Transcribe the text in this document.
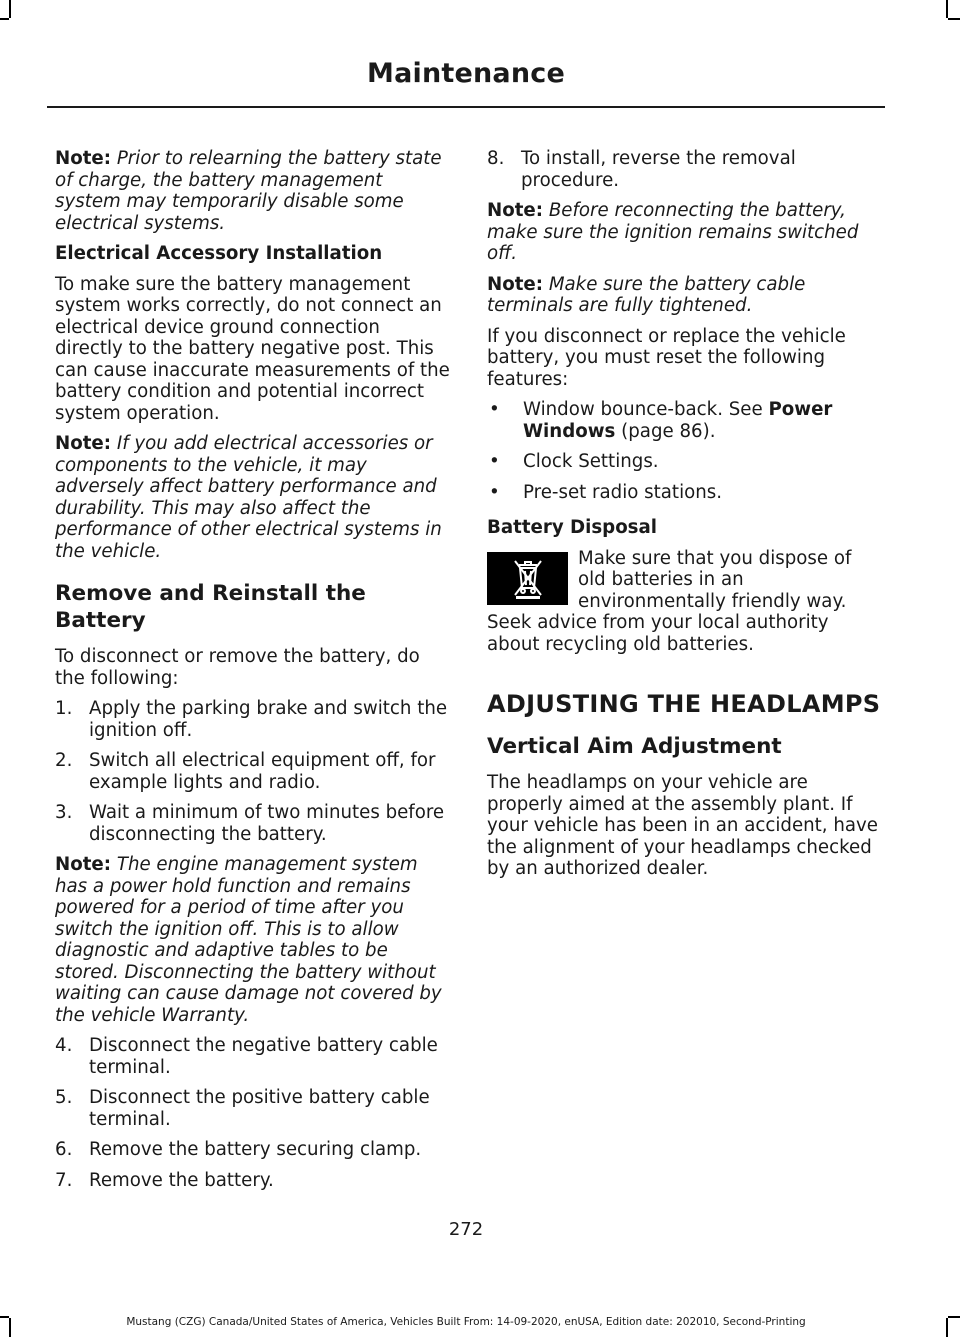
Maintenance

Note: Prior to relearning the battery state of charge, the battery management system may temporarily disable some electrical systems.

Electrical Accessory Installation

To make sure the battery management system works correctly, do not connect an electrical device ground connection directly to the battery negative post. This can cause inaccurate measurements of the battery condition and potential incorrect system operation.

Note: If you add electrical accessories or components to the vehicle, it may adversely affect battery performance and durability. This may also affect the performance of other electrical systems in the vehicle.

Remove and Reinstall the Battery

To disconnect or remove the battery, do the following:

1. Apply the parking brake and switch the ignition off.
2. Switch all electrical equipment off, for example lights and radio.
3. Wait a minimum of two minutes before disconnecting the battery.

Note: The engine management system has a power hold function and remains powered for a period of time after you switch the ignition off. This is to allow diagnostic and adaptive tables to be stored. Disconnecting the battery without waiting can cause damage not covered by the vehicle Warranty.

4. Disconnect the negative battery cable terminal.
5. Disconnect the positive battery cable terminal.
6. Remove the battery securing clamp.
7. Remove the battery.
8. To install, reverse the removal procedure.

Note: Before reconnecting the battery, make sure the ignition remains switched off.

Note: Make sure the battery cable terminals are fully tightened.

If you disconnect or replace the vehicle battery, you must reset the following features:

•	Window bounce-back. See Power Windows (page 86).
•	Clock Settings.
•	Pre-set radio stations.
Battery Disposal

Make sure that you dispose of old batteries in an environmentally friendly way. Seek advice from your local authority about recycling old batteries.

ADJUSTING THE HEADLAMPS
Vertical Aim Adjustment

The headlamps on your vehicle are properly aimed at the assembly plant. If your vehicle has been in an accident, have the alignment of your headlamps checked by an authorized dealer.

272
Mustang (CZG) Canada/United States of America, Vehicles Built From: 14-09-2020, enUSA, Edition date: 202010, Second-Printing
